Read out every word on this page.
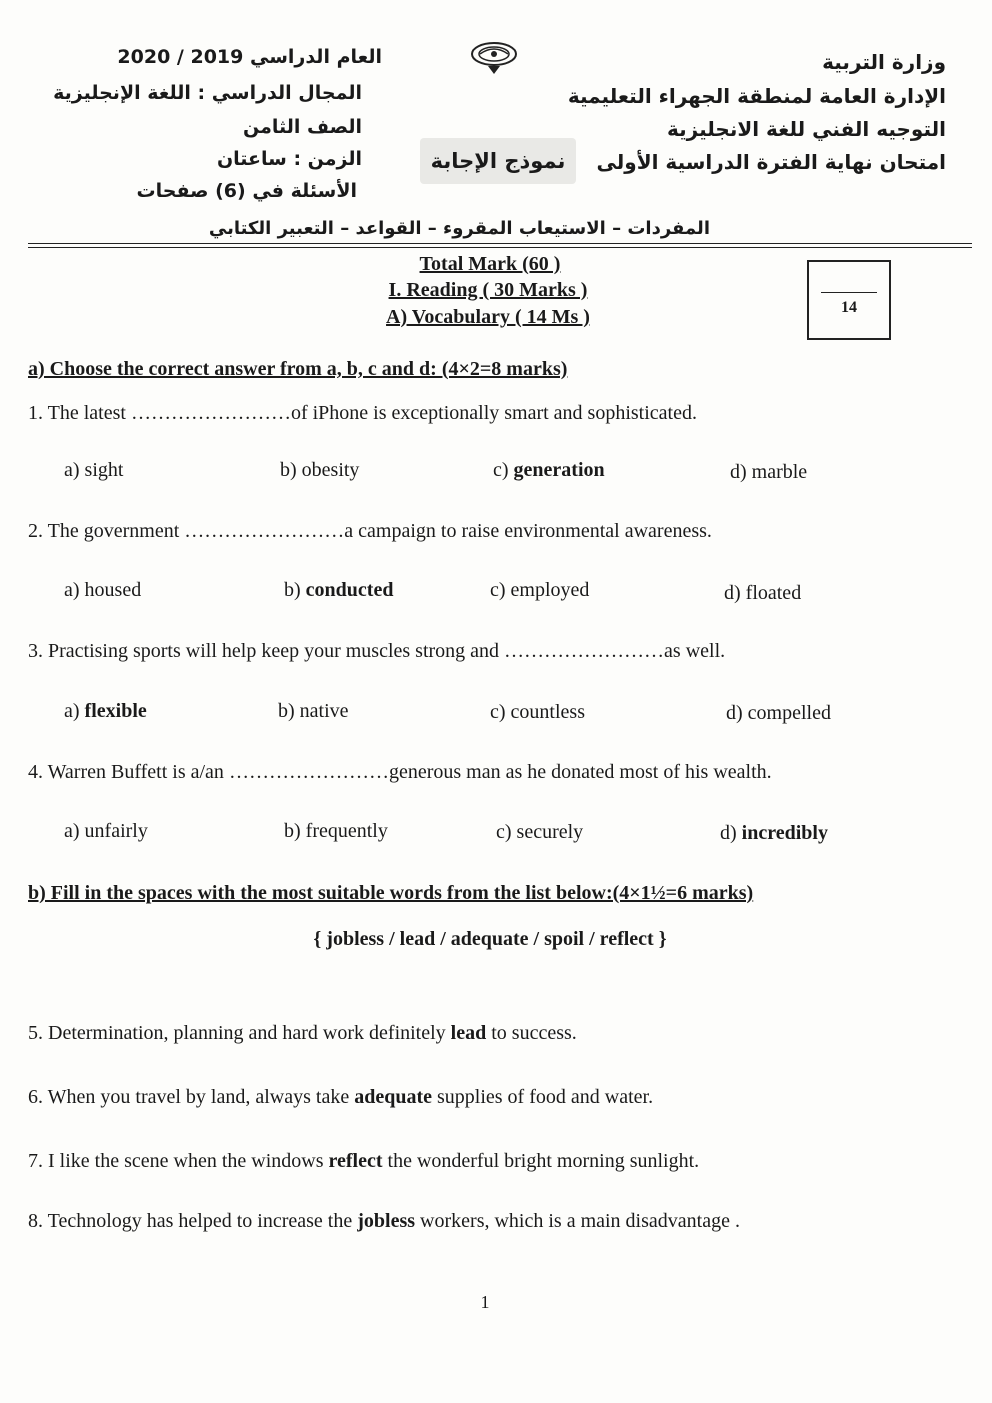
وزارة التربية
الإدارة العامة لمنطقة الجهراء التعليمية
التوجيه الفني للغة الانجليزية
امتحان نهاية الفترة الدراسية الأولى
العام الدراسي 2019 / 2020
المجال الدراسي : اللغة الإنجليزية
الصف الثامن
الزمن : ساعتان
الأسئلة في (6) صفحات
نموذج الإجابة
المفردات – الاستيعاب المقروء – القواعد – التعبير الكتابي
Total Mark (60 )
I. Reading ( 30 Marks )
A) Vocabulary ( 14 Ms )	14
a) Choose the correct answer from a, b, c and d: (4×2=8 marks)
1. The latest ……………………of iPhone is exceptionally smart and sophisticated.
a) sight	b) obesity	c) generation	d) marble
2. The government ……………………a campaign to raise environmental awareness.
a) housed	b) conducted	c) employed	d) floated
3. Practising sports will help keep your muscles strong and ……………………as well.
a) flexible	b) native	c) countless	d) compelled
4. Warren Buffett is a/an ……………………generous man as he donated most of his wealth.
a) unfairly	b) frequently	c) securely	d) incredibly
b) Fill in the spaces with the most suitable words from the list below:(4×1½=6 marks)
{ jobless / lead / adequate / spoil / reflect }
5. Determination, planning and hard work definitely lead to success.
6. When you travel by land, always take adequate supplies of food and water.
7. I like the scene when the windows reflect the wonderful bright morning sunlight.
8. Technology has helped to increase the jobless workers, which is a main disadvantage .
1
